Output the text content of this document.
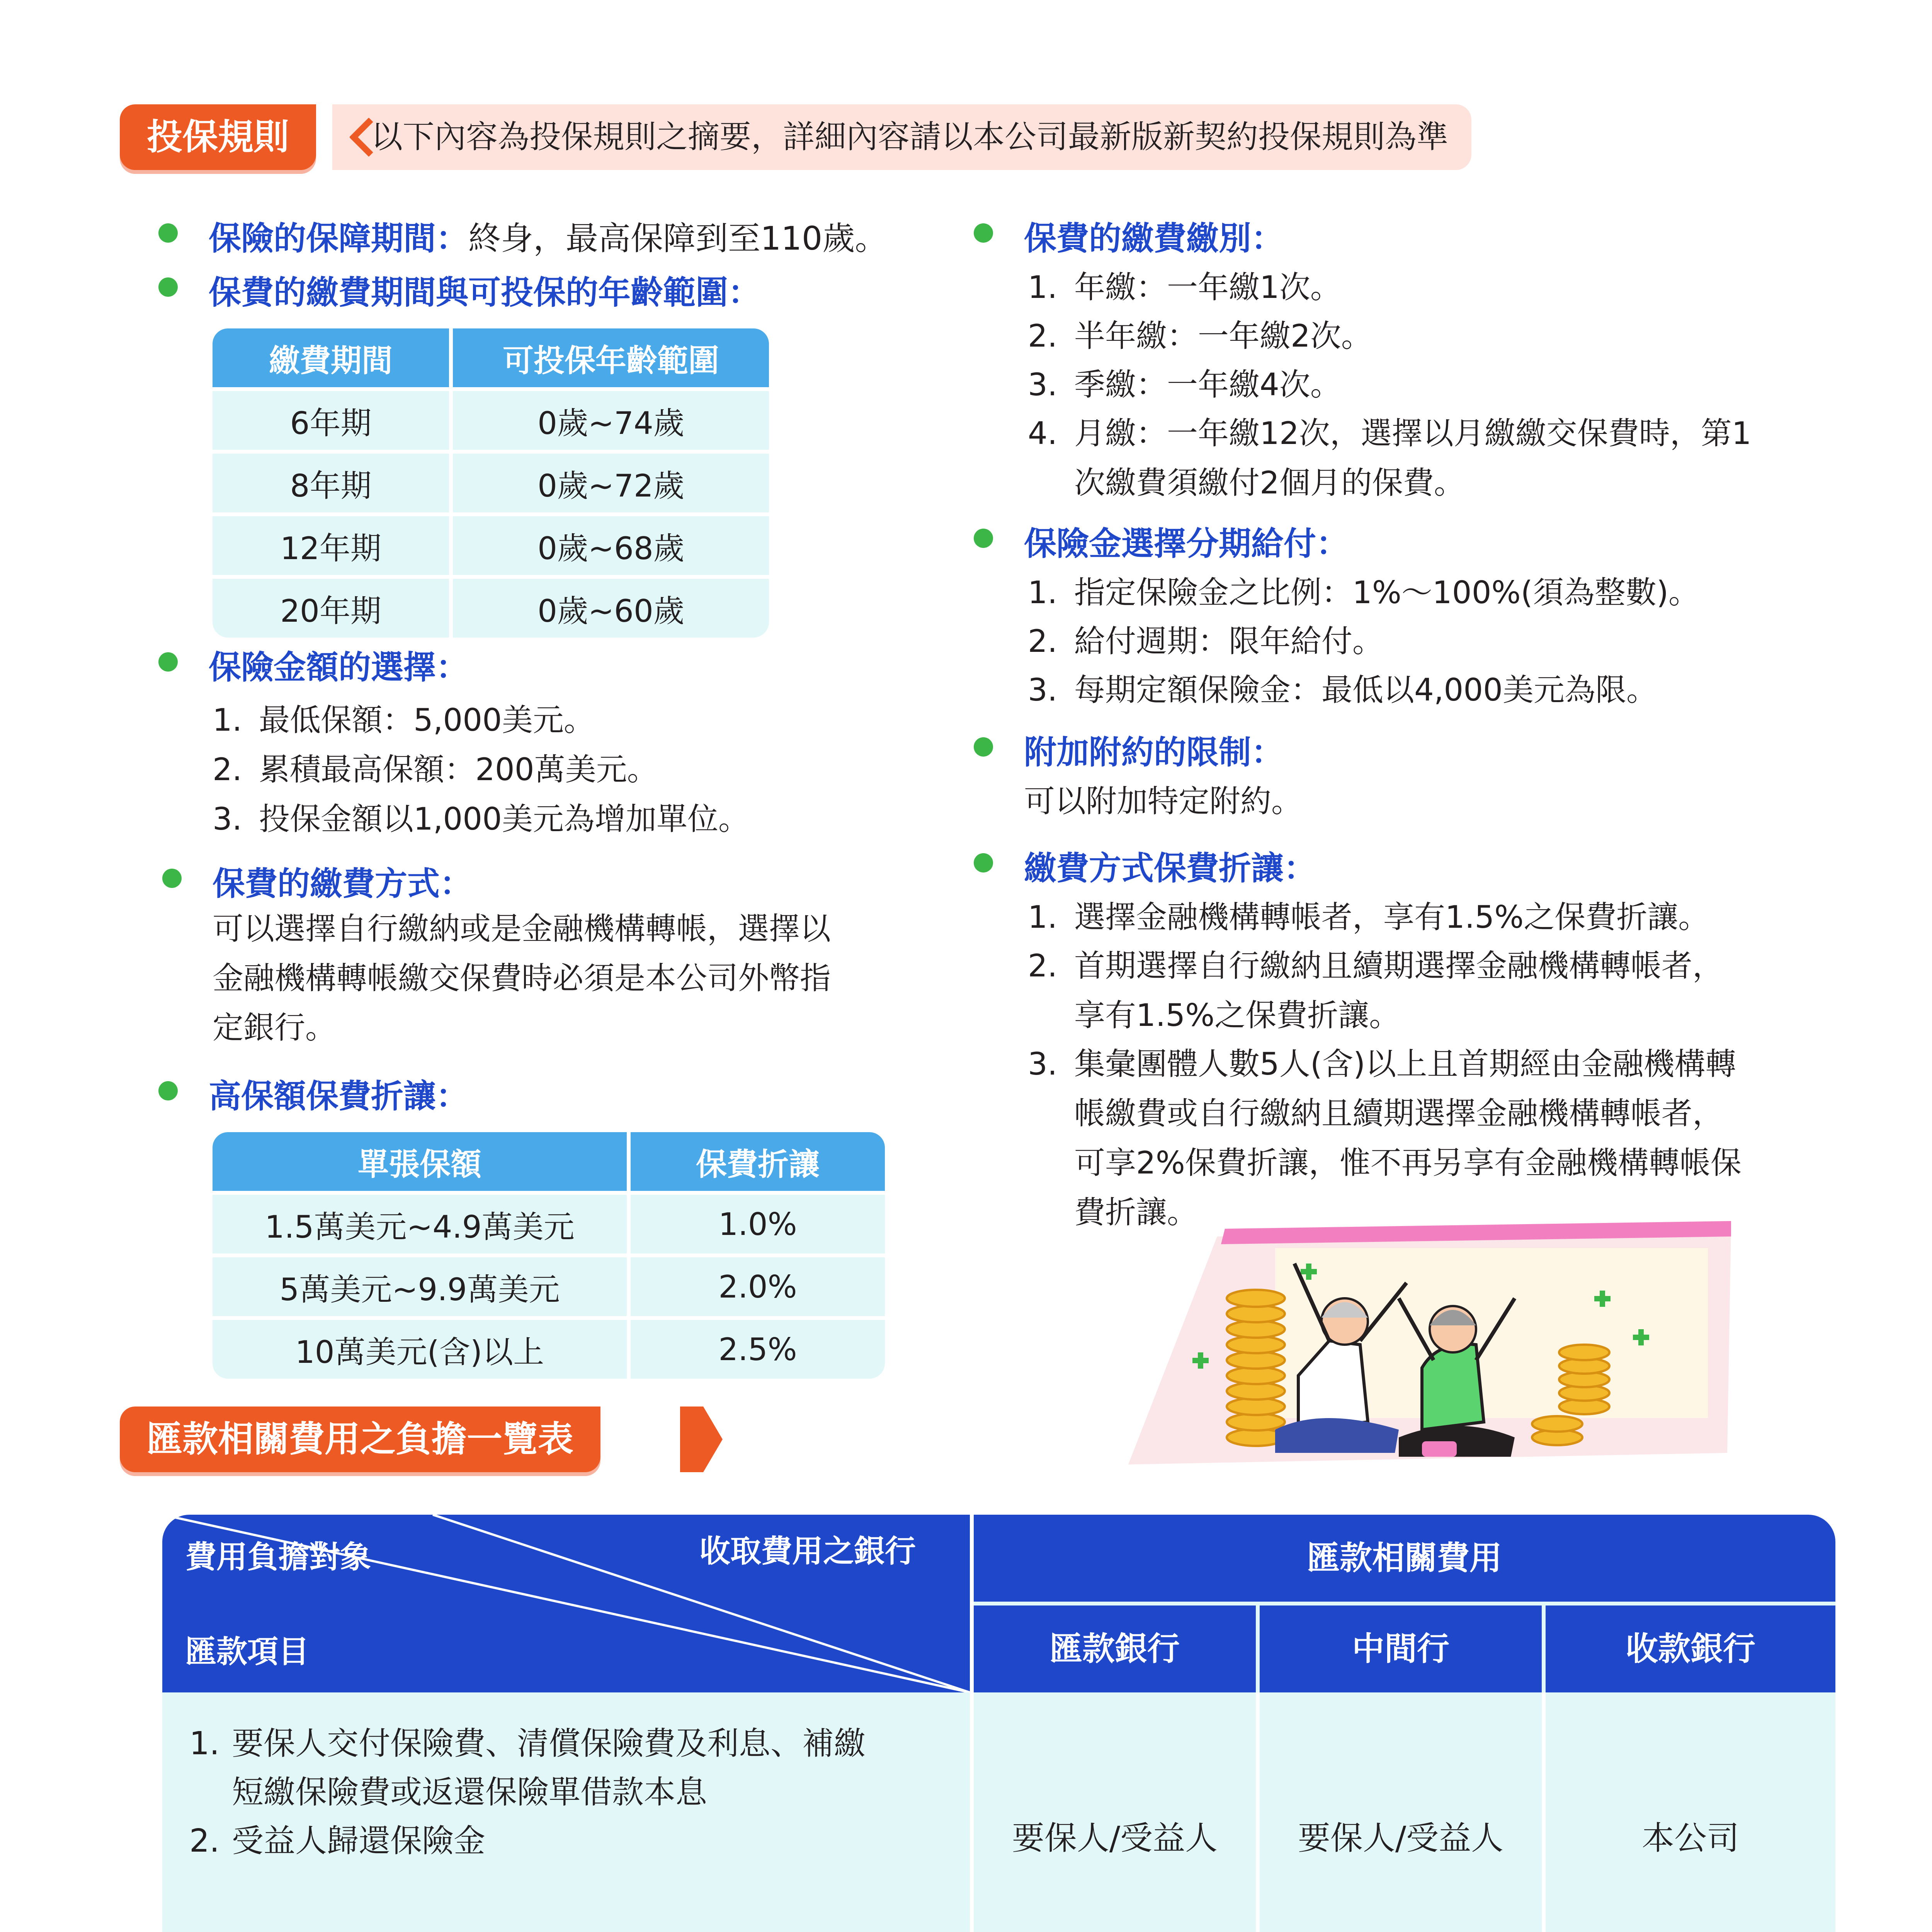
以下內容為投保規則之摘要，詳細內容請以本公司最新版新契約投保規則為準
投保規則
保險的保障期間：終身，最高保障到至110歲。
保費的繳費期間與可投保的年齡範圍：
繳費期間	可投保年齡範圍
6年期	0歲~74歲
8年期	0歲~72歲
12年期	0歲~68歲
20年期	0歲~60歲
保險金額的選擇：
1. 最低保額：5,000美元。
2. 累積最高保額：200萬美元。
3. 投保金額以1,000美元為增加單位。
保費的繳費方式：
可以選擇自行繳納或是金融機構轉帳，選擇以
金融機構轉帳繳交保費時必須是本公司外幣指
定銀行。
高保額保費折讓：
單張保額	保費折讓
1.5萬美元~4.9萬美元	1.0%
5萬美元~9.9萬美元	2.0%
10萬美元(含)以上	2.5%
保費的繳費繳別：
1. 年繳：一年繳1次。
2. 半年繳：一年繳2次。
3. 季繳：一年繳4次。
4. 月繳：一年繳12次，選擇以月繳繳交保費時，第1
次繳費須繳付2個月的保費。
保險金選擇分期給付：
1. 指定保險金之比例：1%～100%(須為整數)。
2. 給付週期：限年給付。
3. 每期定額保險金：最低以4,000美元為限。
附加附約的限制：
可以附加特定附約。
繳費方式保費折讓：
1. 選擇金融機構轉帳者，享有1.5%之保費折讓。
2. 首期選擇自行繳納且續期選擇金融機構轉帳者，
享有1.5%之保費折讓。
3. 集彙團體人數5人(含)以上且首期經由金融機構轉
帳繳費或自行繳納且續期選擇金融機構轉帳者，
可享2%保費折讓，惟不再另享有金融機構轉帳保
費折讓。
匯款相關費用之負擔一覽表
費用負擔對象	收取費用之銀行
匯款項目
匯款相關費用
匯款銀行	中間行	收款銀行
1. 要保人交付保險費、清償保險費及利息、補繳
短繳保險費或返還保險單借款本息
2. 受益人歸還保險金	要保人/受益人	要保人/受益人	本公司
